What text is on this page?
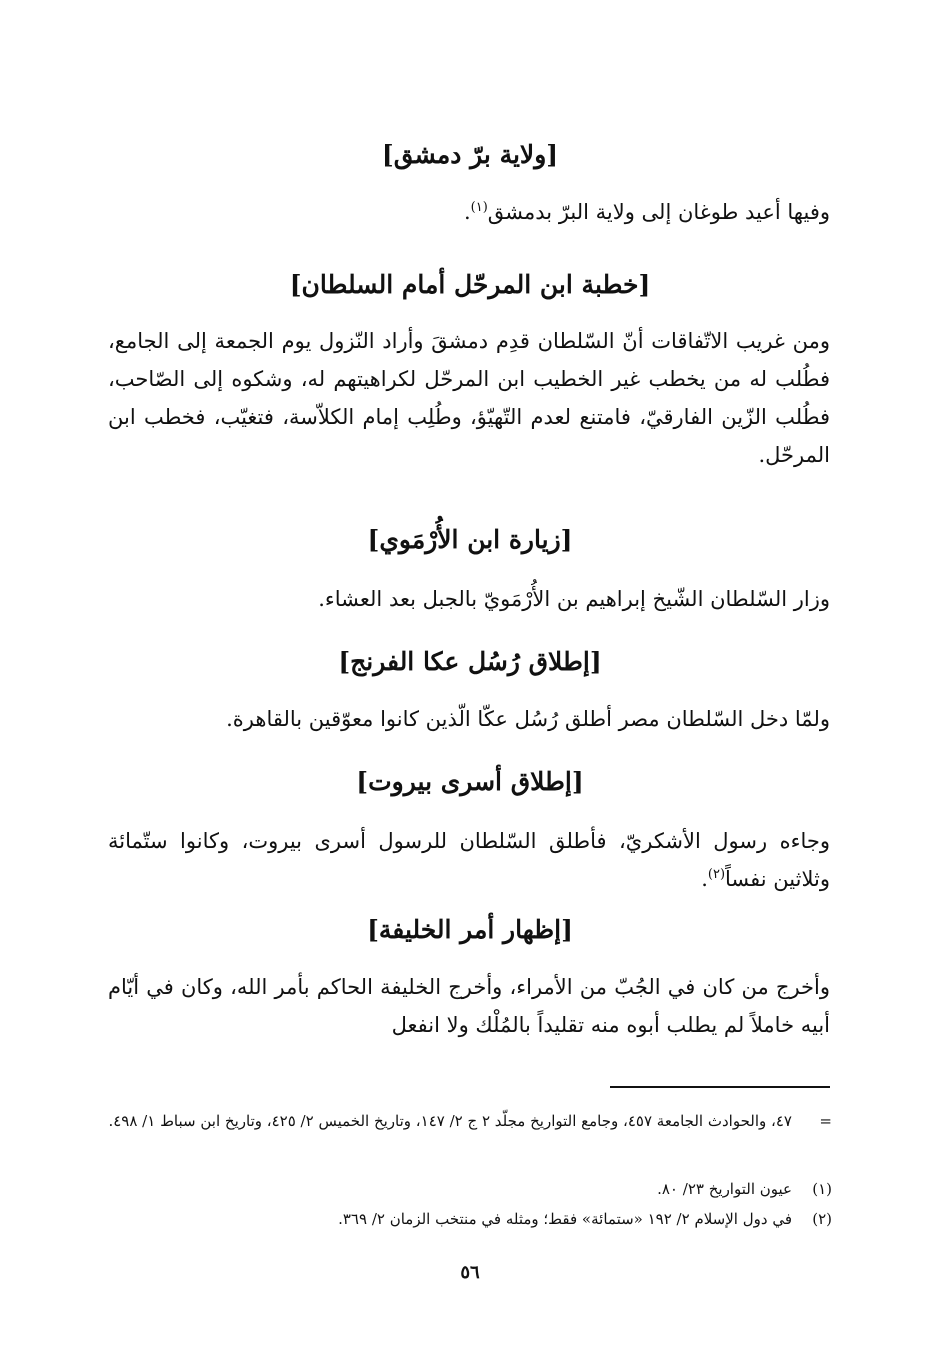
[ولاية برّ دمشق]

وفيها أعيد طوغان إلى ولاية البرّ بدمشق$^{(١)}$.

[خطبة ابن المرحّل أمام السلطان]

ومن غريب الاتّفاقات أنّ السّلطان قدِم دمشقَ وأراد النّزول يوم الجمعة إلى الجامع، فطُلب له من يخطب غير الخطيب ابن المرحّل لكراهيتهم له، وشكوه إلى الصّاحب، فطُلب الزّين الفارقيّ، فامتنع لعدم التّهيّؤ، وطُلِب إمام الكلاّسة، فتغيّب، فخطب ابن المرحّل.

[زيارة ابن الأُرْمَوي]

وزار السّلطان الشّيخ إبراهيم بن الأُرْمَويّ بالجبل بعد العشاء.

[إطلاق رُسُل عكا الفرنج]

ولمّا دخل السّلطان مصر أطلق رُسُل عكّا الّذين كانوا معوّقين بالقاهرة.

[إطلاق أسرى بيروت]

وجاءه رسول الأشكريّ، فأطلق السّلطان للرسول أسرى بيروت، وكانوا ستّمائة وثلاثين نفساً$^{(٢)}$.

[إظهار أمر الخليفة]

وأخرج من كان في الجُبّ من الأمراء، وأخرج الخليفة الحاكم بأمر الله، وكان في أيّام أبيه خاملاً لم يطلب أبوه منه تقليداً بالمُلْك ولا انفعل

=
٤٧، والحوادث الجامعة ٤٥٧، وجامع التواريخ مجلّد ٢ ج ٢/ ١٤٧، وتاريخ الخميس ٢/ ٤٢٥، وتاريخ ابن سباط ١/ ٤٩٨.
(١)
عيون التواريخ ٢٣/ ٨٠.
(٢)
في دول الإسلام ٢/ ١٩٢ «ستمائة» فقط؛ ومثله في منتخب الزمان ٢/ ٣٦٩.
٥٦
